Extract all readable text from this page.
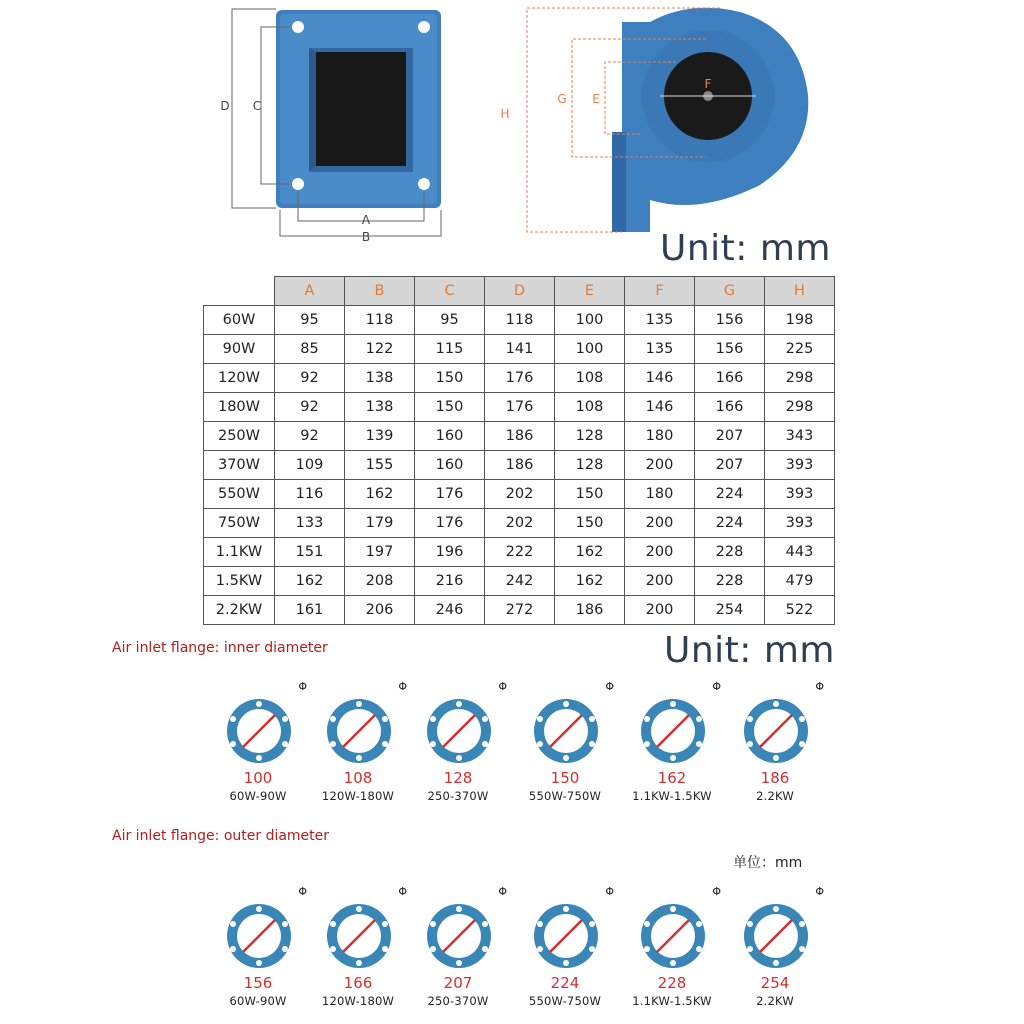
D C
A
B
H
G E
F
Unit: mm
	A	B	C	D	E	F	G	H
60W	95	118	95	118	100	135	156	198
90W	85	122	115	141	100	135	156	225
120W	92	138	150	176	108	146	166	298
180W	92	138	150	176	108	146	166	298
250W	92	139	160	186	128	180	207	343
370W	109	155	160	186	128	200	207	393
550W	116	162	176	202	150	180	224	393
750W	133	179	176	202	150	200	224	393
1.1KW	151	197	196	222	162	200	228	443
1.5KW	162	208	216	242	162	200	228	479
2.2KW	161	206	246	272	186	200	254	522
Unit: mm
Air inlet flange: inner diameter
Φ
100
60W-90W
Φ
108
120W-180W
Φ
128
250-370W
Φ
150
550W-750W
Φ
162
1.1KW-1.5KW
Φ
186
2.2KW
Air inlet flange: outer diameter
单位：mm
Φ
156
60W-90W
Φ
166
120W-180W
Φ
207
250-370W
Φ
224
550W-750W
Φ
228
1.1KW-1.5KW
Φ
254
2.2KW
